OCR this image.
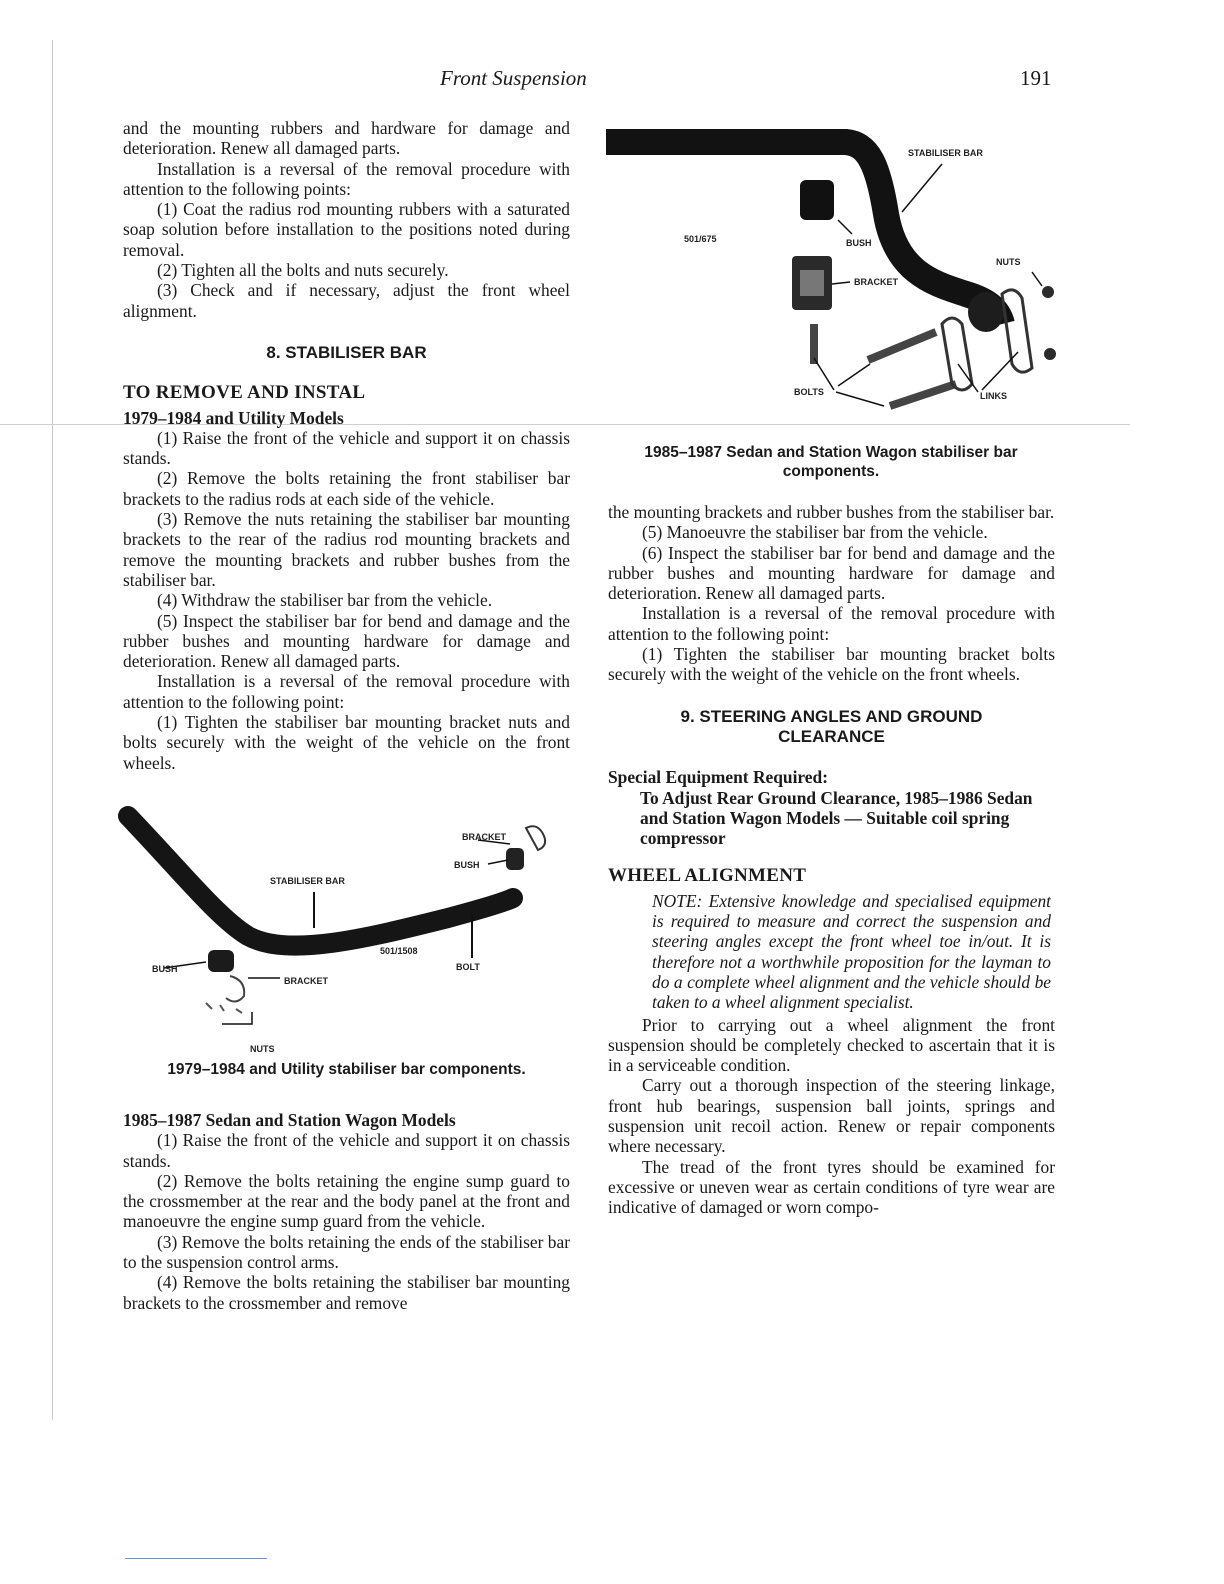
Front Suspension	191

and the mounting rubbers and hardware for damage and deterioration. Renew all damaged parts.

Installation is a reversal of the removal procedure with attention to the following points:

(1) Coat the radius rod mounting rubbers with a saturated soap solution before installation to the positions noted during removal.

(2) Tighten all the bolts and nuts securely.

(3) Check and if necessary, adjust the front wheel alignment.

8. STABILISER BAR
TO REMOVE AND INSTAL
1979–1984 and Utility Models

(1) Raise the front of the vehicle and support it on chassis stands.

(2) Remove the bolts retaining the front stabiliser bar brackets to the radius rods at each side of the vehicle.

(3) Remove the nuts retaining the stabiliser bar mounting brackets to the rear of the radius rod mounting brackets and remove the mounting brackets and rubber bushes from the stabiliser bar.

(4) Withdraw the stabiliser bar from the vehicle.

(5) Inspect the stabiliser bar for bend and damage and the rubber bushes and mounting hardware for damage and deterioration. Renew all damaged parts.

Installation is a reversal of the removal procedure with attention to the following point:

(1) Tighten the stabiliser bar mounting bracket nuts and bolts securely with the weight of the vehicle on the front wheels.

BRACKET
BUSH
STABILISER BAR
501/1508
BOLT
BUSH
BRACKET
NUTS
1979–1984 and Utility stabiliser bar components.
1985–1987 Sedan and Station Wagon Models

(1) Raise the front of the vehicle and support it on chassis stands.

(2) Remove the bolts retaining the engine sump guard to the crossmember at the rear and the body panel at the front and manoeuvre the engine sump guard from the vehicle.

(3) Remove the bolts retaining the ends of the stabiliser bar to the suspension control arms.

(4) Remove the bolts retaining the stabiliser bar mounting brackets to the crossmember and remove

STABILISER BAR
501/675	BUSH
NUTS
BRACKET
BOLTS	LINKS
1985–1987 Sedan and Station Wagon stabiliser bar components.

the mounting brackets and rubber bushes from the stabiliser bar.

(5) Manoeuvre the stabiliser bar from the vehicle.

(6) Inspect the stabiliser bar for bend and damage and the rubber bushes and mounting hardware for damage and deterioration. Renew all damaged parts.

Installation is a reversal of the removal procedure with attention to the following point:

(1) Tighten the stabiliser bar mounting bracket bolts securely with the weight of the vehicle on the front wheels.

9. STEERING ANGLES AND GROUND
CLEARANCE
Special Equipment Required:

To Adjust Rear Ground Clearance, 1985–1986 Sedan and Station Wagon Models — Suitable coil spring compressor

WHEEL ALIGNMENT

NOTE: Extensive knowledge and specialised equipment is required to measure and correct the suspension and steering angles except the front wheel toe in/out. It is therefore not a worthwhile proposition for the layman to do a complete wheel alignment and the vehicle should be taken to a wheel alignment specialist.

Prior to carrying out a wheel alignment the front suspension should be completely checked to ascertain that it is in a serviceable condition.

Carry out a thorough inspection of the steering linkage, front hub bearings, suspension ball joints, springs and suspension unit recoil action. Renew or repair components where necessary.

The tread of the front tyres should be examined for excessive or uneven wear as certain conditions of tyre wear are indicative of damaged or worn compo-
